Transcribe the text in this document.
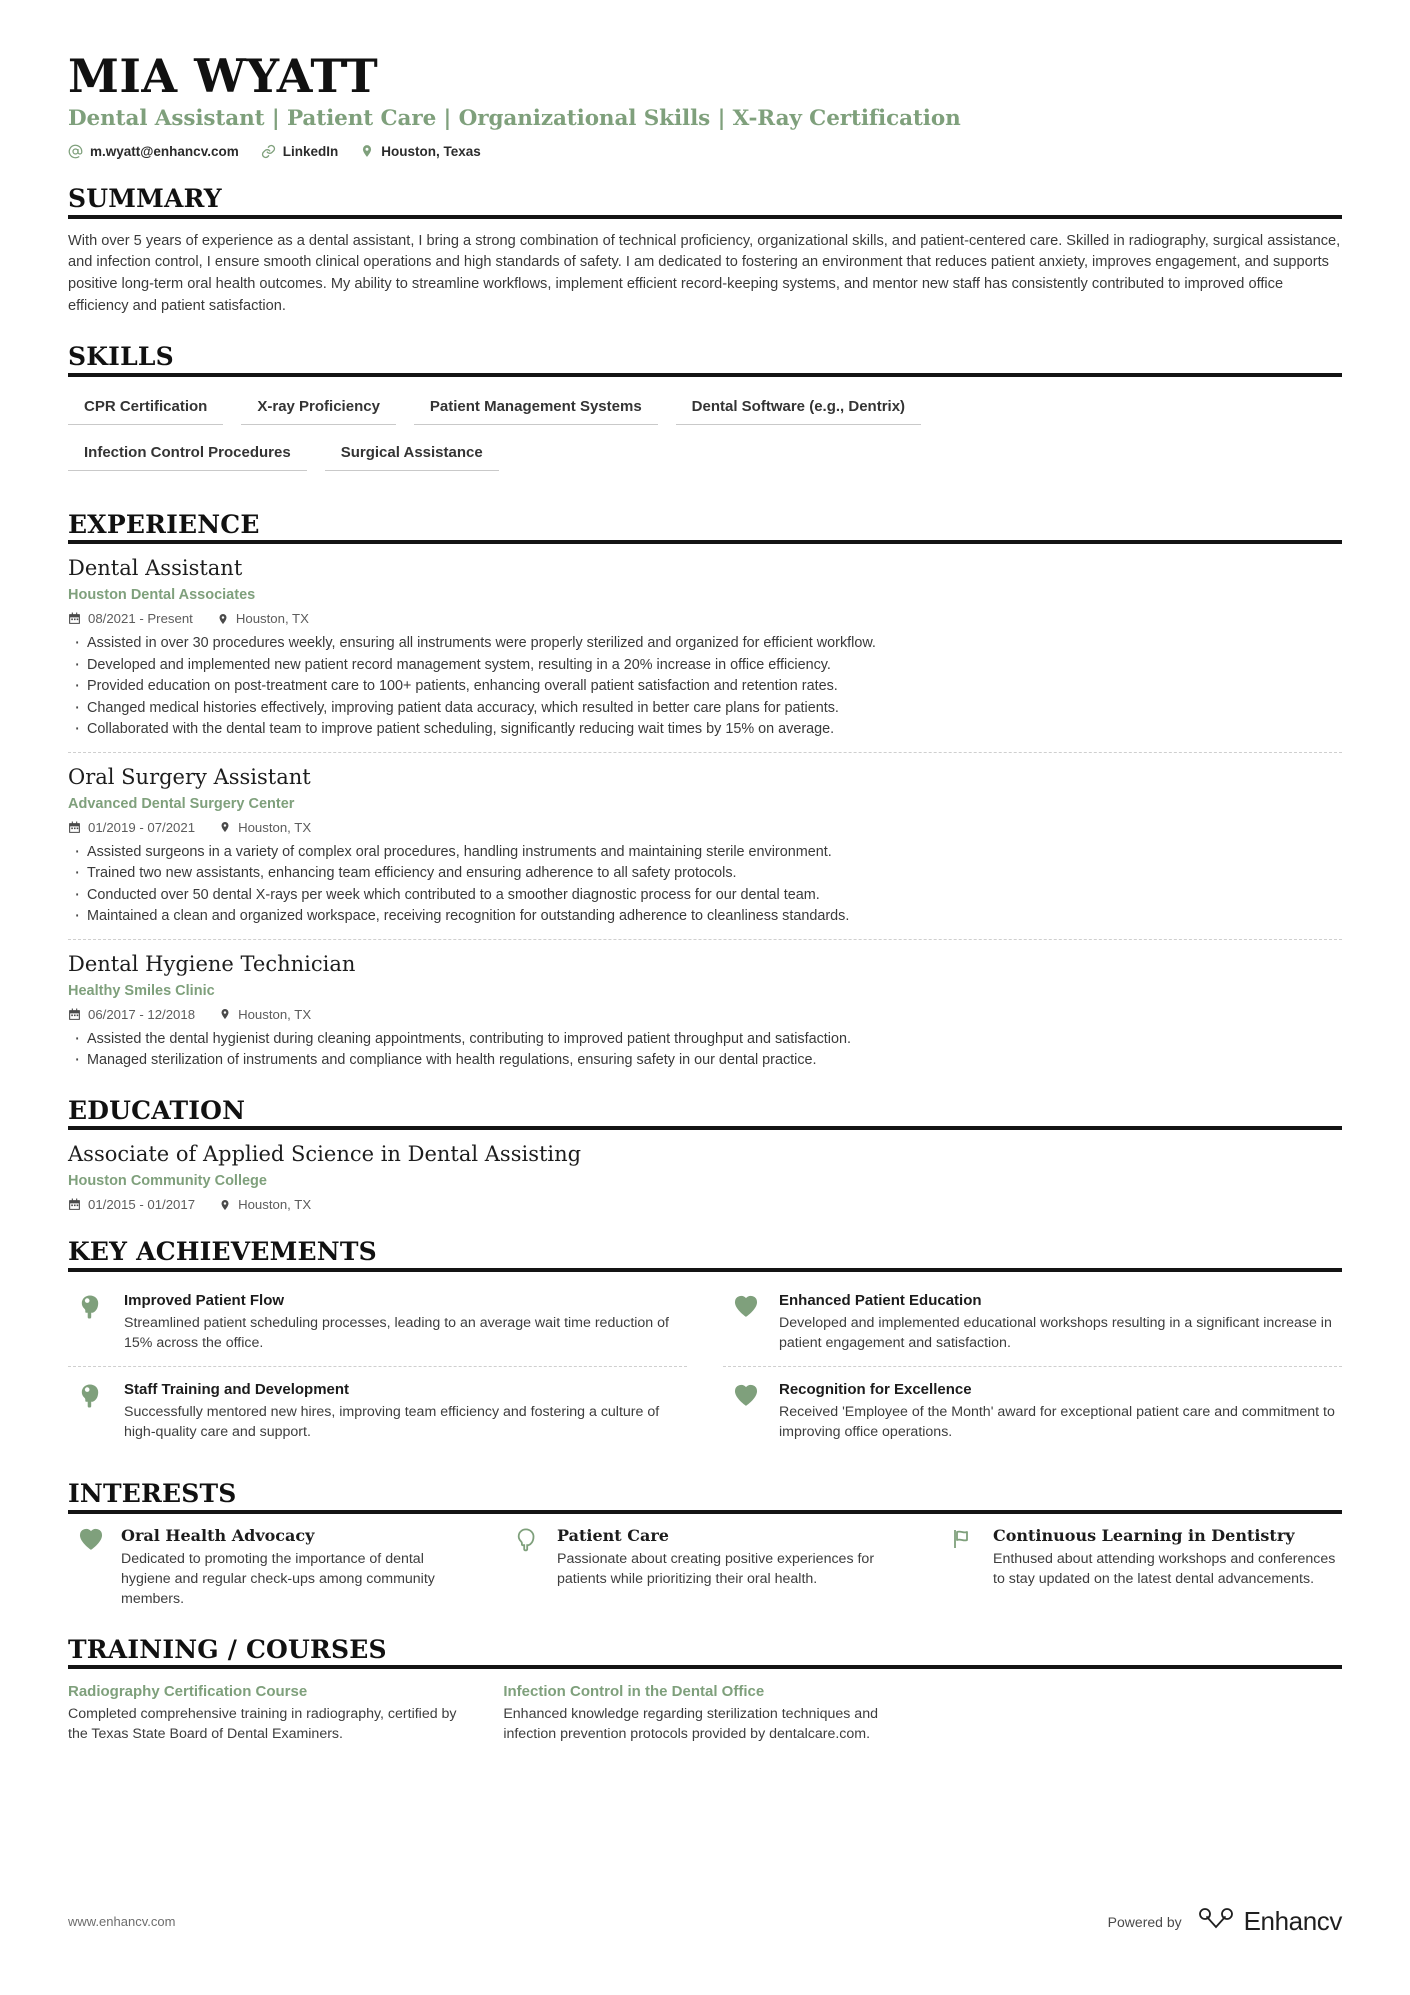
MIA WYATT
Dental Assistant | Patient Care | Organizational Skills | X-Ray Certification
m.wyatt@enhancv.com	LinkedIn	Houston, Texas
SUMMARY

With over 5 years of experience as a dental assistant, I bring a strong combination of technical proficiency, organizational skills, and patient-centered care. Skilled in radiography, surgical assistance, and infection control, I ensure smooth clinical operations and high standards of safety. I am dedicated to fostering an environment that reduces patient anxiety, improves engagement, and supports positive long-term oral health outcomes. My ability to streamline workflows, implement efficient record-keeping systems, and mentor new staff has consistently contributed to improved office efficiency and patient satisfaction.

SKILLS
CPR Certification	X-ray Proficiency	Patient Management Systems	Dental Software (e.g., Dentrix)
Infection Control Procedures	Surgical Assistance
EXPERIENCE
Dental Assistant
Houston Dental Associates
08/2021 - Present	Houston, TX
· Assisted in over 30 procedures weekly, ensuring all instruments were properly sterilized and organized for efficient workflow.
· Developed and implemented new patient record management system, resulting in a 20% increase in office efficiency.
· Provided education on post-treatment care to 100+ patients, enhancing overall patient satisfaction and retention rates.
· Changed medical histories effectively, improving patient data accuracy, which resulted in better care plans for patients.
· Collaborated with the dental team to improve patient scheduling, significantly reducing wait times by 15% on average.
Oral Surgery Assistant
Advanced Dental Surgery Center
01/2019 - 07/2021	Houston, TX
· Assisted surgeons in a variety of complex oral procedures, handling instruments and maintaining sterile environment.
· Trained two new assistants, enhancing team efficiency and ensuring adherence to all safety protocols.
· Conducted over 50 dental X-rays per week which contributed to a smoother diagnostic process for our dental team.
· Maintained a clean and organized workspace, receiving recognition for outstanding adherence to cleanliness standards.
Dental Hygiene Technician
Healthy Smiles Clinic
06/2017 - 12/2018	Houston, TX
· Assisted the dental hygienist during cleaning appointments, contributing to improved patient throughput and satisfaction.
· Managed sterilization of instruments and compliance with health regulations, ensuring safety in our dental practice.
EDUCATION
Associate of Applied Science in Dental Assisting
Houston Community College
01/2015 - 01/2017	Houston, TX
KEY ACHIEVEMENTS
Improved Patient Flow
Streamlined patient scheduling processes, leading to an average wait time reduction of 15% across the office.
Enhanced Patient Education
Developed and implemented educational workshops resulting in a significant increase in patient engagement and satisfaction.
Staff Training and Development
Successfully mentored new hires, improving team efficiency and fostering a culture of high-quality care and support.
Recognition for Excellence
Received 'Employee of the Month' award for exceptional patient care and commitment to improving office operations.
INTERESTS
Oral Health Advocacy
Dedicated to promoting the importance of dental hygiene and regular check-ups among community members.
Patient Care
Passionate about creating positive experiences for patients while prioritizing their oral health.
Continuous Learning in Dentistry
Enthused about attending workshops and conferences to stay updated on the latest dental advancements.
TRAINING / COURSES
Radiography Certification Course
Completed comprehensive training in radiography, certified by the Texas State Board of Dental Examiners.
Infection Control in the Dental Office
Enhanced knowledge regarding sterilization techniques and infection prevention protocols provided by dentalcare.com.
www.enhancv.com	Powered by Enhancv
